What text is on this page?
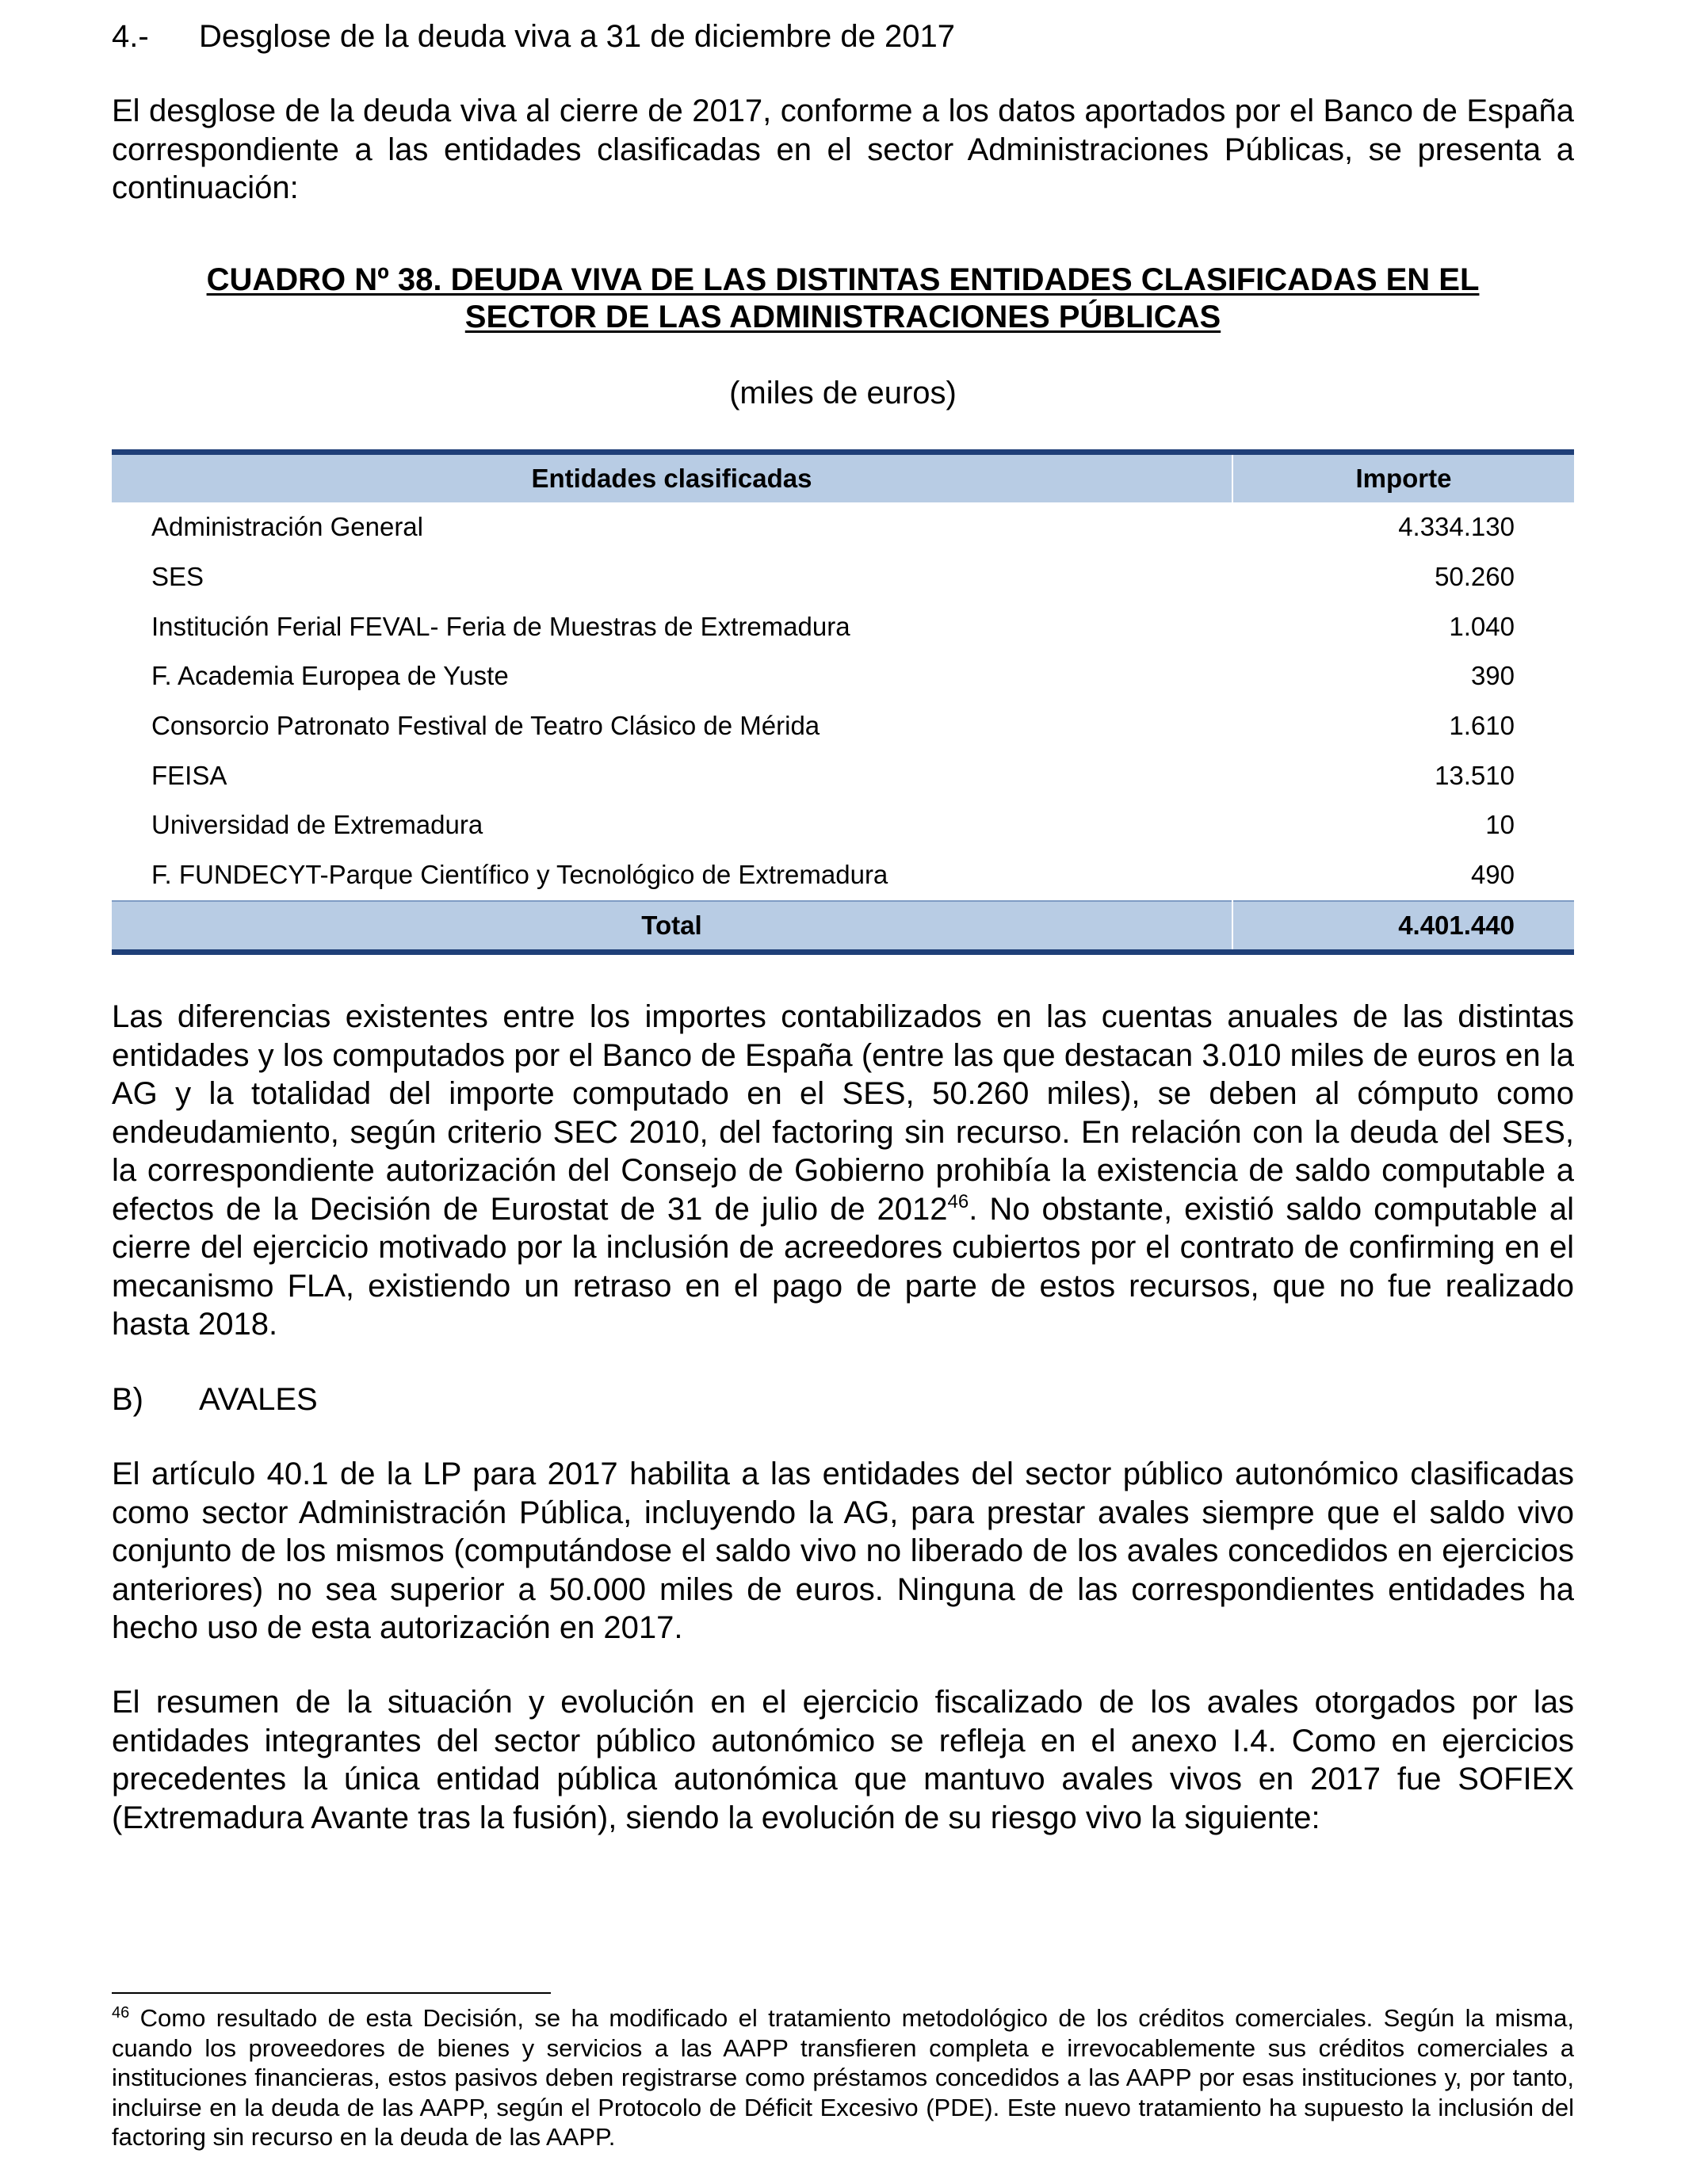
4.- Desglose de la deuda viva a 31 de diciembre de 2017

El desglose de la deuda viva al cierre de 2017, conforme a los datos aportados por el Banco de España correspondiente a las entidades clasificadas en el sector Administraciones Públicas, se presenta a continuación:

CUADRO Nº 38. DEUDA VIVA DE LAS DISTINTAS ENTIDADES CLASIFICADAS EN EL
SECTOR DE LAS ADMINISTRACIONES PÚBLICAS
(miles de euros)
Entidades clasificadas	Importe
Administración General	4.334.130
SES	50.260
Institución Ferial FEVAL- Feria de Muestras de Extremadura	1.040
F. Academia Europea de Yuste	390
Consorcio Patronato Festival de Teatro Clásico de Mérida	1.610
FEISA	13.510
Universidad de Extremadura	10
F. FUNDECYT-Parque Científico y Tecnológico de Extremadura	490
Total	4.401.440

Las diferencias existentes entre los importes contabilizados en las cuentas anuales de las distintas entidades y los computados por el Banco de España (entre las que destacan 3.010 miles de euros en la AG y la totalidad del importe computado en el SES, 50.260 miles), se deben al cómputo como endeudamiento, según criterio SEC 2010, del factoring sin recurso. En relación con la deuda del SES, la correspondiente autorización del Consejo de Gobierno prohibía la existencia de saldo computable a efectos de la Decisión de Eurostat de 31 de julio de 2012$^{46}$. No obstante, existió saldo computable al cierre del ejercicio motivado por la inclusión de acreedores cubiertos por el contrato de confirming en el mecanismo FLA, existiendo un retraso en el pago de parte de estos recursos, que no fue realizado hasta 2018.

B) AVALES

El artículo 40.1 de la LP para 2017 habilita a las entidades del sector público autonómico clasificadas como sector Administración Pública, incluyendo la AG, para prestar avales siempre que el saldo vivo conjunto de los mismos (computándose el saldo vivo no liberado de los avales concedidos en ejercicios anteriores) no sea superior a 50.000 miles de euros. Ninguna de las correspondientes entidades ha hecho uso de esta autorización en 2017.

El resumen de la situación y evolución en el ejercicio fiscalizado de los avales otorgados por las entidades integrantes del sector público autonómico se refleja en el anexo I.4. Como en ejercicios precedentes la única entidad pública autonómica que mantuvo avales vivos en 2017 fue SOFIEX (Extremadura Avante tras la fusión), siendo la evolución de su riesgo vivo la siguiente:

$^{46}$ Como resultado de esta Decisión, se ha modificado el tratamiento metodológico de los créditos comerciales. Según la misma, cuando los proveedores de bienes y servicios a las AAPP transfieren completa e irrevocablemente sus créditos comerciales a instituciones financieras, estos pasivos deben registrarse como préstamos concedidos a las AAPP por esas instituciones y, por tanto, incluirse en la deuda de las AAPP, según el Protocolo de Déficit Excesivo (PDE). Este nuevo tratamiento ha supuesto la inclusión del factoring sin recurso en la deuda de las AAPP.
